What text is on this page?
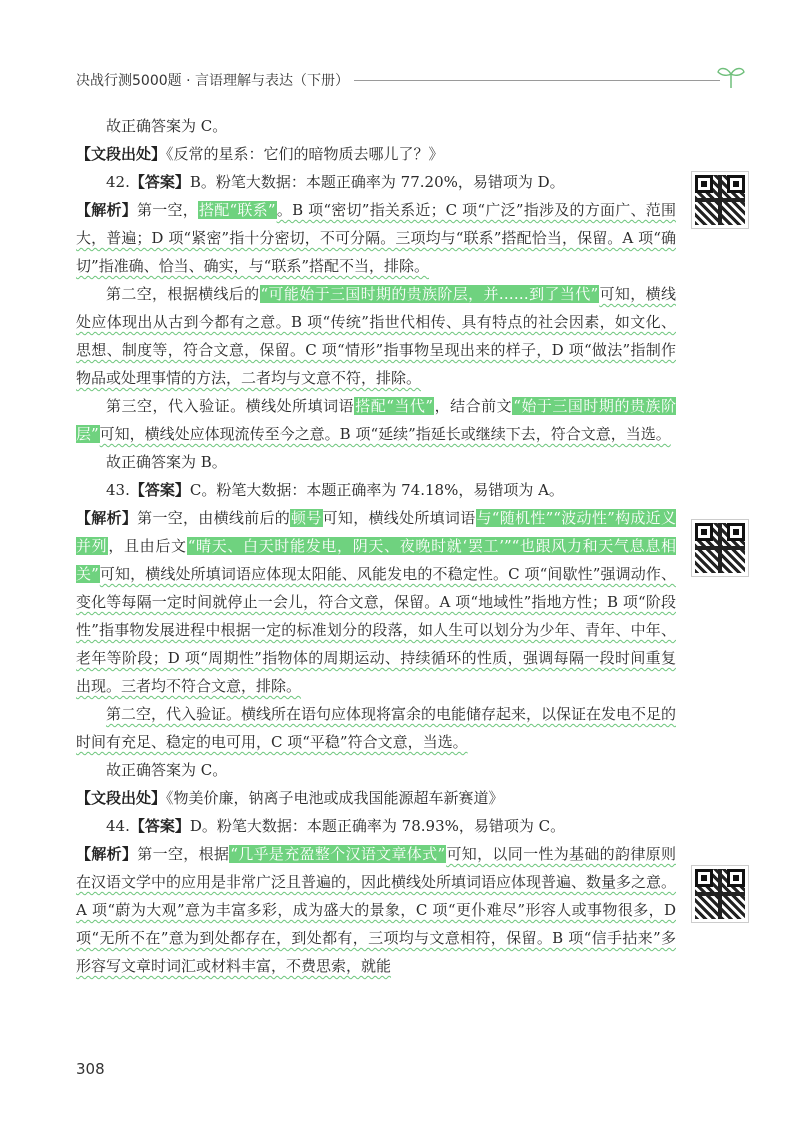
决战行测5000题 · 言语理解与表达（下册）

故正确答案为 C。

【文段出处】《反常的星系：它们的暗物质去哪儿了？》

42.【答案】B。粉笔大数据：本题正确率为 77.20%，易错项为 D。

【解析】第一空，搭配“联系”。B 项“密切”指关系近；C 项“广泛”指涉及的方面广、范围大，普遍；D 项“紧密”指十分密切，不可分隔。三项均与“联系”搭配恰当，保留。A 项“确切”指准确、恰当、确实，与“联系”搭配不当，排除。

第二空，根据横线后的“可能始于三国时期的贵族阶层，并……到了当代”可知，横线处应体现出从古到今都有之意。B 项“传统”指世代相传、具有特点的社会因素，如文化、思想、制度等，符合文意，保留。C 项“情形”指事物呈现出来的样子，D 项“做法”指制作物品或处理事情的方法，二者均与文意不符，排除。

第三空，代入验证。横线处所填词语搭配“当代”，结合前文“始于三国时期的贵族阶层”可知，横线处应体现流传至今之意。B 项“延续”指延长或继续下去，符合文意，当选。

故正确答案为 B。

43.【答案】C。粉笔大数据：本题正确率为 74.18%，易错项为 A。

【解析】第一空，由横线前后的顿号可知，横线处所填词语与“随机性”“波动性”构成近义并列，且由后文“晴天、白天时能发电，阴天、夜晚时就‘罢工’”“也跟风力和天气息息相关”可知，横线处所填词语应体现太阳能、风能发电的不稳定性。C 项“间歇性”强调动作、变化等每隔一定时间就停止一会儿，符合文意，保留。A 项“地域性”指地方性；B 项“阶段性”指事物发展进程中根据一定的标准划分的段落，如人生可以划分为少年、青年、中年、老年等阶段；D 项“周期性”指物体的周期运动、持续循环的性质，强调每隔一段时间重复出现。三者均不符合文意，排除。

第二空，代入验证。横线所在语句应体现将富余的电能储存起来，以保证在发电不足的时间有充足、稳定的电可用，C 项“平稳”符合文意，当选。

故正确答案为 C。

【文段出处】《物美价廉，钠离子电池或成我国能源超车新赛道》

44.【答案】D。粉笔大数据：本题正确率为 78.93%，易错项为 C。

【解析】第一空，根据“几乎是充盈整个汉语文章体式”可知，以同一性为基础的韵律原则在汉语文学中的应用是非常广泛且普遍的，因此横线处所填词语应体现普遍、数量多之意。A 项“蔚为大观”意为丰富多彩，成为盛大的景象，C 项“更仆难尽”形容人或事物很多，D 项“无所不在”意为到处都存在，到处都有，三项均与文意相符，保留。B 项“信手拈来”多形容写文章时词汇或材料丰富，不费思索，就能

308
